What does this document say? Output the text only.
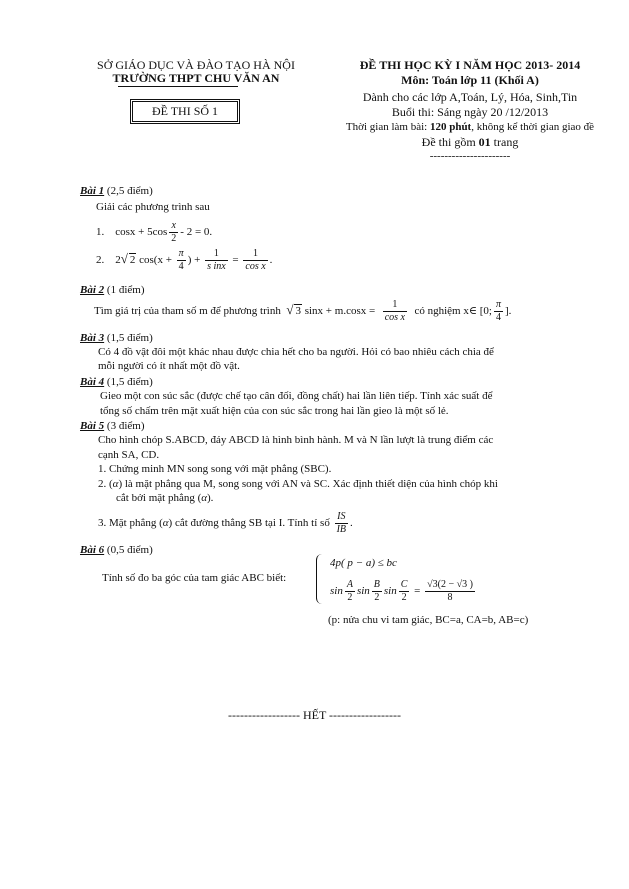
SỞ GIÁO DỤC VÀ ĐÀO TẠO HÀ NỘI
TRƯỜNG THPT CHU VĂN AN
ĐỀ THI SỐ 1
ĐỀ THI HỌC KỲ I NĂM HỌC 2013- 2014
Môn: Toán lớp 11 (Khối A)
Dành cho các lớp A,Toán, Lý, Hóa, Sinh,Tin
Buổi thi: Sáng ngày 20 /12/2013
Thời gian làm bài: 120 phút, không kể thời gian giao đề
Đề thi gồm 01 trang
----------------------
Bài 1 (2,5 điểm)
Giải các phương trình sau
1. $\cos x + 5\cos \frac{x}{2} - 2 = 0$.
2. 2√ 2 $\cos(x + \frac{\pi}{4}$ ) + $\frac{1}{\text{s inx}} = \frac{1}{\text{cos x}}$ .
Bài 2 (1 điểm)
Tìm giá trị của tham số m để phương trình √ 3 $\sin x + m.\cos x = \frac{1}{\text{cos x}}$ có nghiệm x∈ [0; $\frac{\pi}{4}$ ].
Bài 3 (1,5 điểm)
Có 4 đồ vật đôi một khác nhau được chia hết cho ba người. Hỏi có bao nhiêu cách chia để
mỗi người có ít nhất một đồ vật.
Bài 4 (1,5 điểm)
Gieo một con súc sắc (được chế tạo cân đối, đồng chất) hai lần liên tiếp. Tính xác suất để
tổng số chấm trên mặt xuất hiện của con súc sắc trong hai lần gieo là một số lẻ.
Bài 5 (3 điểm)
Cho hình chóp S.ABCD, đáy ABCD là hình bình hành. M và N lần lượt là trung điểm các
cạnh SA, CD.
1. Chứng minh MN song song với mặt phẳng (SBC).
2. (α) là mặt phẳng qua M, song song với AN và SC. Xác định thiết diện của hình chóp khi
cắt bởi mặt phẳng (α).
3. Mặt phẳng (α) cắt đường thẳng SB tại I. Tính tỉ số $\frac{IS}{IB}$ .
Bài 6 (0,5 điểm)
Tính số đo ba góc của tam giác ABC biết:
4p( p − a) ≤ bc
$\sin \frac{A}{2}$ $\sin \frac{B}{2}$ $\sin \frac{C}{2} = \frac{√3(2 - √3 )}{8}$
(p: nửa chu vi tam giác, BC=a, CA=b, AB=c)
------------------ HẾT ------------------
